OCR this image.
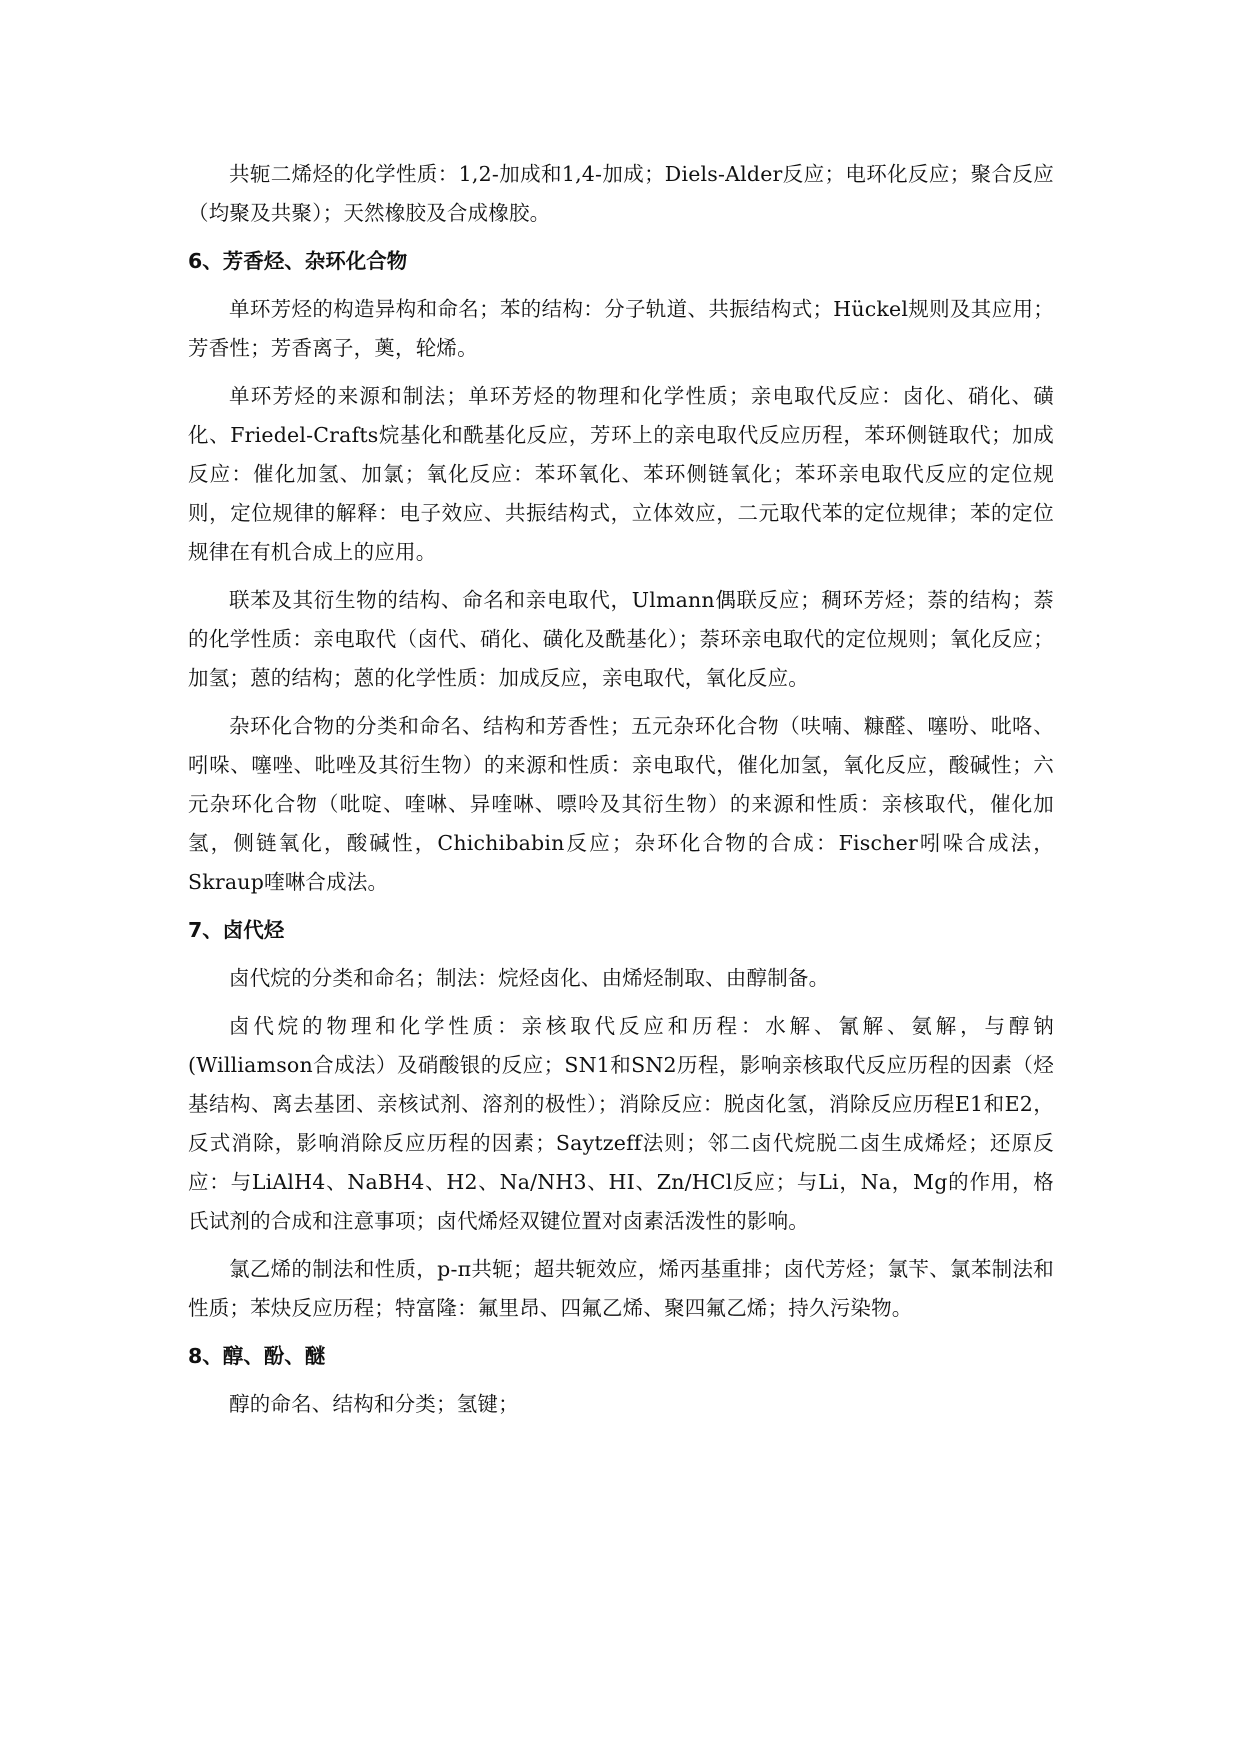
共轭二烯烃的化学性质：1,2-加成和1,4-加成；Diels-Alder反应；电环化反应；聚合反应（均聚及共聚）；天然橡胶及合成橡胶。

6、芳香烃、杂环化合物

单环芳烃的构造异构和命名；苯的结构：分子轨道、共振结构式；Hückel规则及其应用；芳香性；芳香离子，薁，轮烯。

单环芳烃的来源和制法；单环芳烃的物理和化学性质；亲电取代反应：卤化、硝化、磺化、Friedel-Crafts烷基化和酰基化反应，芳环上的亲电取代反应历程，苯环侧链取代；加成反应：催化加氢、加氯；氧化反应：苯环氧化、苯环侧链氧化；苯环亲电取代反应的定位规则，定位规律的解释：电子效应、共振结构式，立体效应，二元取代苯的定位规律；苯的定位规律在有机合成上的应用。

联苯及其衍生物的结构、命名和亲电取代，Ulmann偶联反应；稠环芳烃；萘的结构；萘的化学性质：亲电取代（卤代、硝化、磺化及酰基化）；萘环亲电取代的定位规则；氧化反应；加氢；蒽的结构；蒽的化学性质：加成反应，亲电取代，氧化反应。

杂环化合物的分类和命名、结构和芳香性；五元杂环化合物（呋喃、糠醛、噻吩、吡咯、吲哚、噻唑、吡唑及其衍生物）的来源和性质：亲电取代，催化加氢，氧化反应，酸碱性；六元杂环化合物（吡啶、喹啉、异喹啉、嘌呤及其衍生物）的来源和性质：亲核取代，催化加氢，侧链氧化，酸碱性，Chichibabin反应；杂环化合物的合成：Fischer吲哚合成法，Skraup喹啉合成法。

7、卤代烃

卤代烷的分类和命名；制法：烷烃卤化、由烯烃制取、由醇制备。

卤代烷的物理和化学性质：亲核取代反应和历程：水解、氰解、氨解，与醇钠(Williamson合成法）及硝酸银的反应；SN1和SN2历程，影响亲核取代反应历程的因素（烃基结构、离去基团、亲核试剂、溶剂的极性）；消除反应：脱卤化氢，消除反应历程E1和E2，反式消除，影响消除反应历程的因素；Saytzeff法则；邻二卤代烷脱二卤生成烯烃；还原反应：与LiAlH4、NaBH4、H2、Na/NH3、HI、Zn/HCl反应；与Li，Na，Mg的作用，格氏试剂的合成和注意事项；卤代烯烃双键位置对卤素活泼性的影响。

氯乙烯的制法和性质，p-π共轭；超共轭效应，烯丙基重排；卤代芳烃；氯苄、氯苯制法和性质；苯炔反应历程；特富隆：氟里昂、四氟乙烯、聚四氟乙烯；持久污染物。

8、醇、酚、醚

醇的命名、结构和分类；氢键；
